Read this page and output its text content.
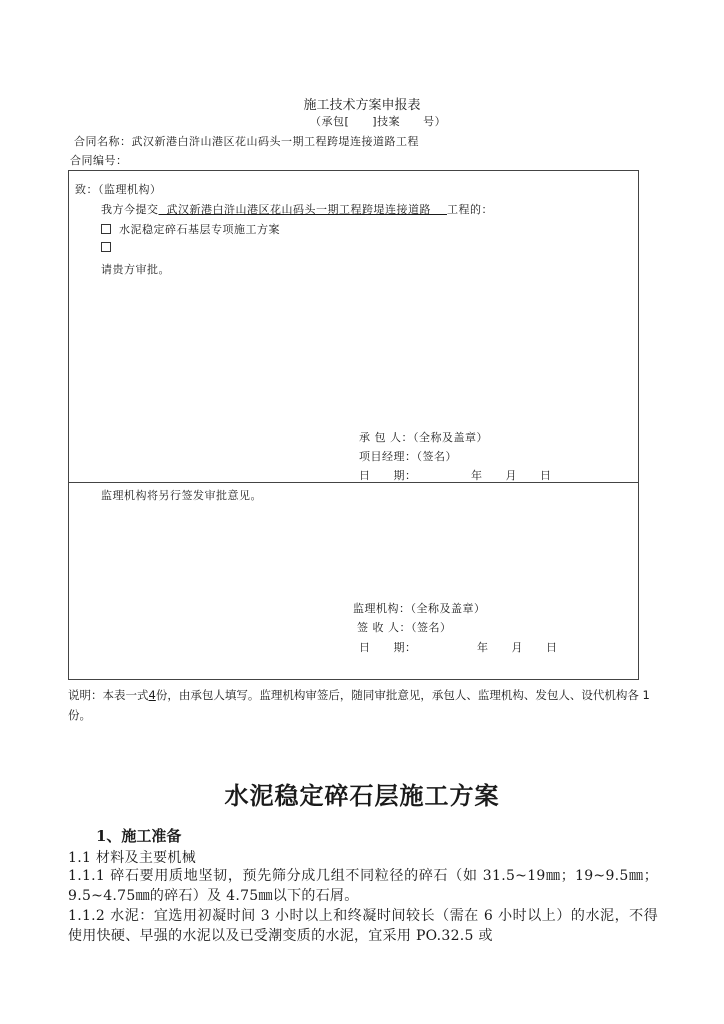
施工技术方案申报表
（承包[　　]技案　　号）
合同名称：武汉新港白浒山港区花山码头一期工程跨堤连接道路工程
合同编号：
致：（监理机构）
我方今提交 武汉新港白浒山港区花山码头一期工程跨堤连接道路 工程的：
水泥稳定碎石基层专项施工方案

请贵方审批。
承 包 人：（全称及盖章）
项目经理：（签名）
日　　期：	年　　月　　日
监理机构将另行签发审批意见。
监理机构：（全称及盖章）
签 收 人：（签名）
日　　期：	年　　月　　日
说明：本表一式4份，由承包人填写。监理机构审签后，随同审批意见，承包人、监理机构、发包人、设代机构各 1 份。
水泥稳定碎石层施工方案
1、施工准备
1.1 材料及主要机械
1.1.1 碎石要用质地坚韧，预先筛分成几组不同粒径的碎石（如 31.5~19㎜；19~9.5㎜；9.5~4.75㎜的碎石）及 4.75㎜以下的石屑。
1.1.2 水泥：宜选用初凝时间 3 小时以上和终凝时间较长（需在 6 小时以上）的水泥，不得使用快硬、早强的水泥以及已受潮变质的水泥，宜采用 PO.32.5 或
